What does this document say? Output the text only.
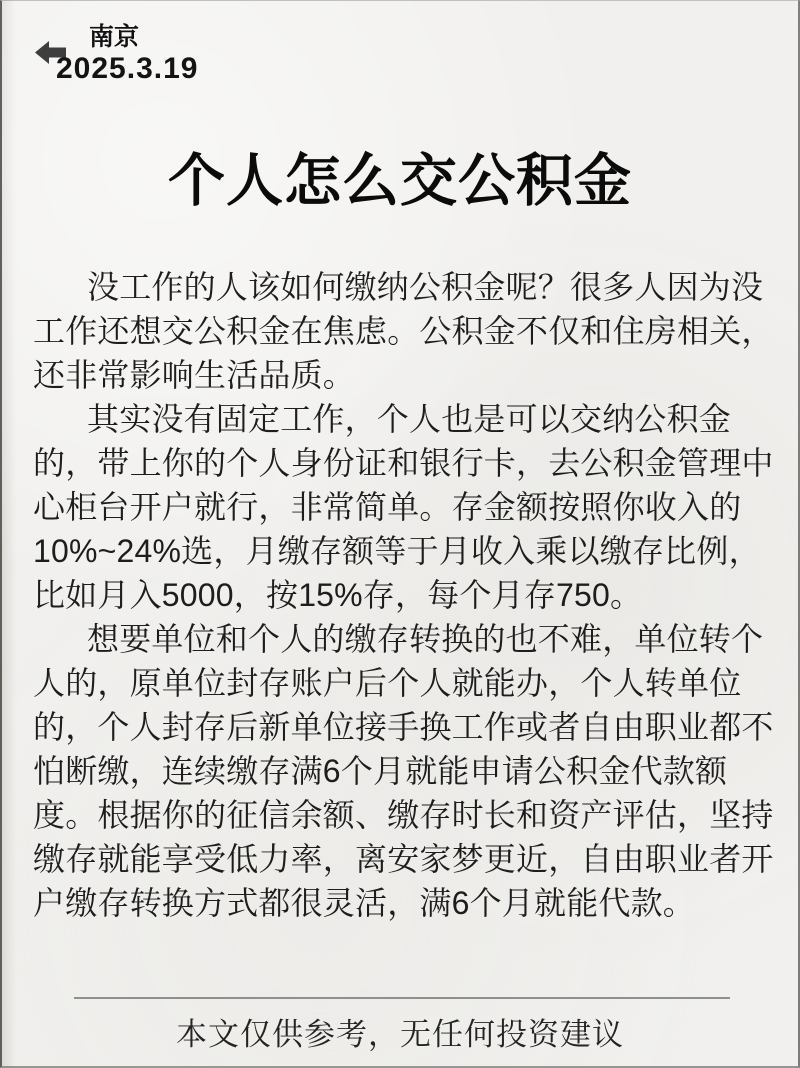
南京
2025.3.19
个人怎么交公积金
没工作的人该如何缴纳公积金呢？很多人因为没
工作还想交公积金在焦虑。公积金不仅和住房相关，
还非常影响生活品质。
其实没有固定工作，个人也是可以交纳公积金
的，带上你的个人身份证和银行卡，去公积金管理中
心柜台开户就行，非常简单。存金额按照你收入的
10%~24%选，月缴存额等于月收入乘以缴存比例，
比如月入5000，按15%存，每个月存750。
想要单位和个人的缴存转换的也不难，单位转个
人的，原单位封存账户后个人就能办，个人转单位
的，个人封存后新单位接手换工作或者自由职业都不
怕断缴，连续缴存满6个月就能申请公积金代款额
度。根据你的征信余额、缴存时长和资产评估，坚持
缴存就能享受低力率，离安家梦更近，自由职业者开
户缴存转换方式都很灵活，满6个月就能代款。
本文仅供参考，无任何投资建议
